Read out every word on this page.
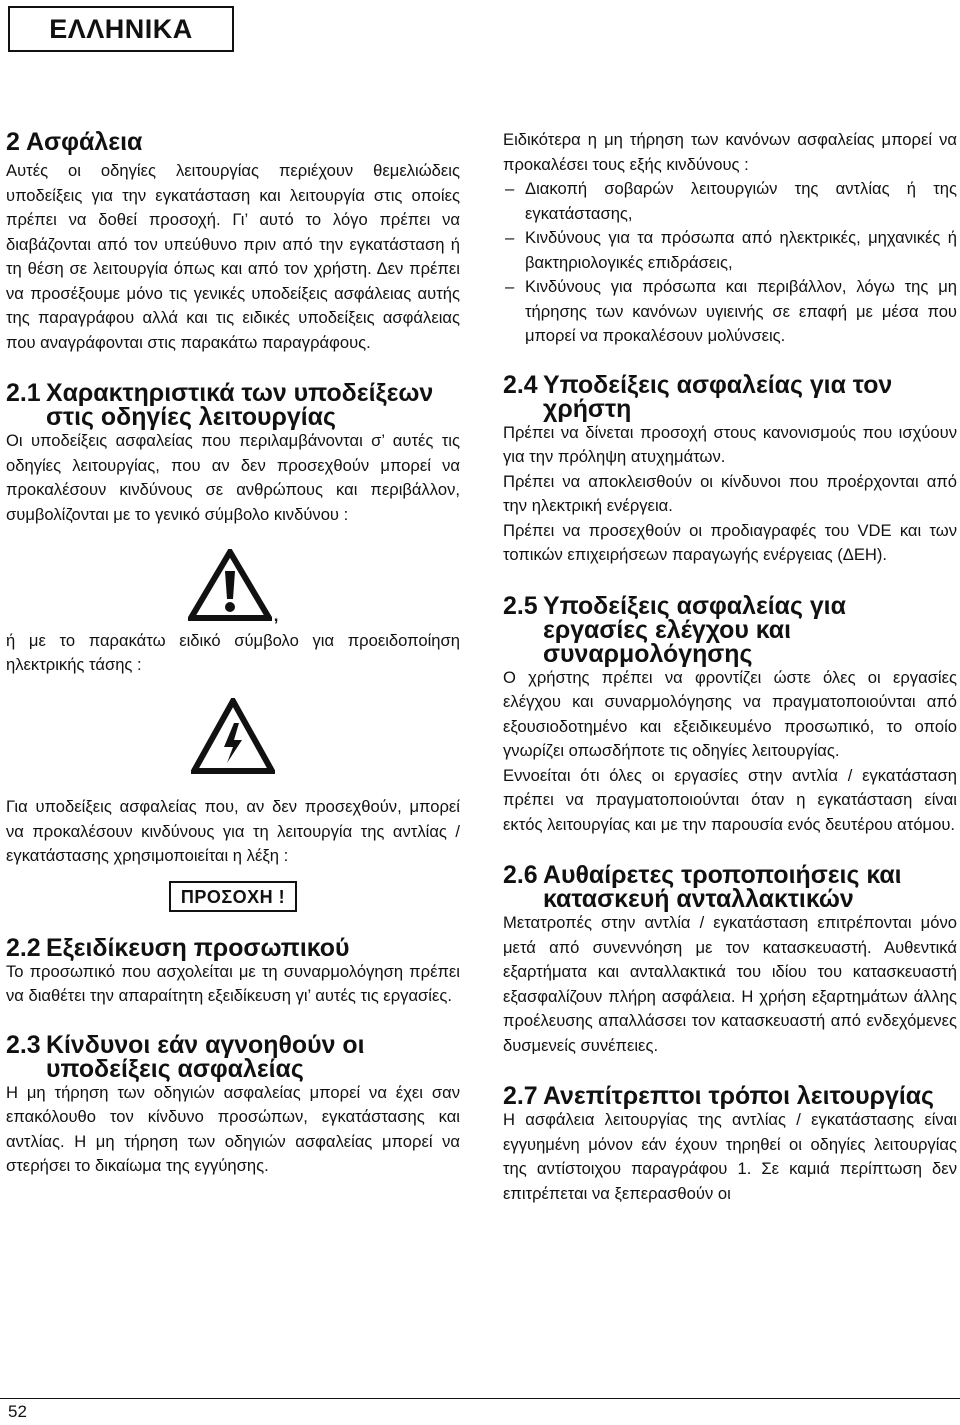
ΕΛΛΗΝΙΚΑ
2 Ασφάλεια

Αυτές οι οδηγίες λειτουργίας περιέχουν θεμελιώδεις υποδείξεις για την εγκατάσταση και λειτουργία στις οποίες πρέπει να δοθεί προσοχή. Γι’ αυτό το λόγο πρέπει να διαβάζονται από τον υπεύθυνο πριν από την εγκατάσταση ή τη θέση σε λειτουργία όπως και από τον χρήστη. Δεν πρέπει να προσέξουμε μόνο τις γενικές υποδείξεις ασφάλειας αυτής της παραγράφου αλλά και τις ειδικές υποδείξεις ασφάλειας που αναγράφονται στις παρακάτω παραγράφους.

2.1 Χαρακτηριστικά των υποδείξεων στις οδηγίες λειτουργίας

Οι υποδείξεις ασφαλείας που περιλαμβάνονται σ’ αυτές τις οδηγίες λειτουργίας, που αν δεν προσεχθούν μπορεί να προκαλέσουν κινδύνους σε ανθρώπους και περιβάλλον, συμβολίζονται με το γενικό σύμβολο κινδύνου :

,

ή με το παρακάτω ειδικό σύμβολο για προειδοποίηση ηλεκτρικής τάσης :

Για υποδείξεις ασφαλείας που, αν δεν προσεχθούν, μπορεί να προκαλέσουν κινδύνους για τη λειτουργία της αντλίας / εγκατάστασης χρησιμοποιείται η λέξη :

ΠΡΟΣΟΧΗ !
2.2 Εξειδίκευση προσωπικού

Το προσωπικό που ασχολείται με τη συναρμολόγηση πρέπει να διαθέτει την απαραίτητη εξειδίκευση γι’ αυτές τις εργασίες.

2.3 Κίνδυνοι εάν αγνοηθούν οι υποδείξεις ασφαλείας

Η μη τήρηση των οδηγιών ασφαλείας μπορεί να έχει σαν επακόλουθο τον κίνδυνο προσώπων, εγκατάστασης και αντλίας. Η μη τήρηση των οδηγιών ασφαλείας μπορεί να στερήσει το δικαίωμα της εγγύησης.

Ειδικότερα η μη τήρηση των κανόνων ασφαλείας μπορεί να προκαλέσει τους εξής κινδύνους :

– Διακοπή σοβαρών λειτουργιών της αντλίας ή της εγκατάστασης,
– Κινδύνους για τα πρόσωπα από ηλεκτρικές, μηχανικές ή βακτηριολογικές επιδράσεις,
– Κινδύνους για πρόσωπα και περιβάλλον, λόγω της μη τήρησης των κανόνων υγιεινής σε επαφή με μέσα που μπορεί να προκαλέσουν μολύνσεις.
2.4 Υποδείξεις ασφαλείας για τον χρήστη

Πρέπει να δίνεται προσοχή στους κανονισμούς που ισχύουν για την πρόληψη ατυχημάτων.

Πρέπει να αποκλεισθούν οι κίνδυνοι που προέρχονται από την ηλεκτρική ενέργεια.

Πρέπει να προσεχθούν οι προδιαγραφές του VDE και των τοπικών επιχειρήσεων παραγωγής ενέργειας (ΔΕΗ).

2.5 Υποδείξεις ασφαλείας για εργασίες ελέγχου και συναρμολόγησης

Ο χρήστης πρέπει να φροντίζει ώστε όλες οι εργασίες ελέγχου και συναρμολόγησης να πραγματοποιούνται από εξουσιοδοτημένο και εξειδικευμένο προσωπικό, το οποίο γνωρίζει οπωσδήποτε τις οδηγίες λειτουργίας.

Εννοείται ότι όλες οι εργασίες στην αντλία / εγκατάσταση πρέπει να πραγματοποιούνται όταν η εγκατάσταση είναι εκτός λειτουργίας και με την παρουσία ενός δευτέρου ατόμου.

2.6 Αυθαίρετες τροποποιήσεις και κατασκευή ανταλλακτικών

Μετατροπές στην αντλία / εγκατάσταση επιτρέπονται μόνο μετά από συνεννόηση με τον κατασκευαστή. Αυθεντικά εξαρτήματα και ανταλλακτικά του ιδίου του κατασκευαστή εξασφαλίζουν πλήρη ασφάλεια. Η χρήση εξαρτημάτων άλλης προέλευσης απαλλάσσει τον κατασκευαστή από ενδεχόμενες δυσμενείς συνέπειες.

2.7 Ανεπίτρεπτοι τρόποι λειτουργίας

Η ασφάλεια λειτουργίας της αντλίας / εγκατάστασης είναι εγγυημένη μόνον εάν έχουν τηρηθεί οι οδηγίες λειτουργίας της αντίστοιχου παραγράφου 1. Σε καμιά περίπτωση δεν επιτρέπεται να ξεπερασθούν οι

52
